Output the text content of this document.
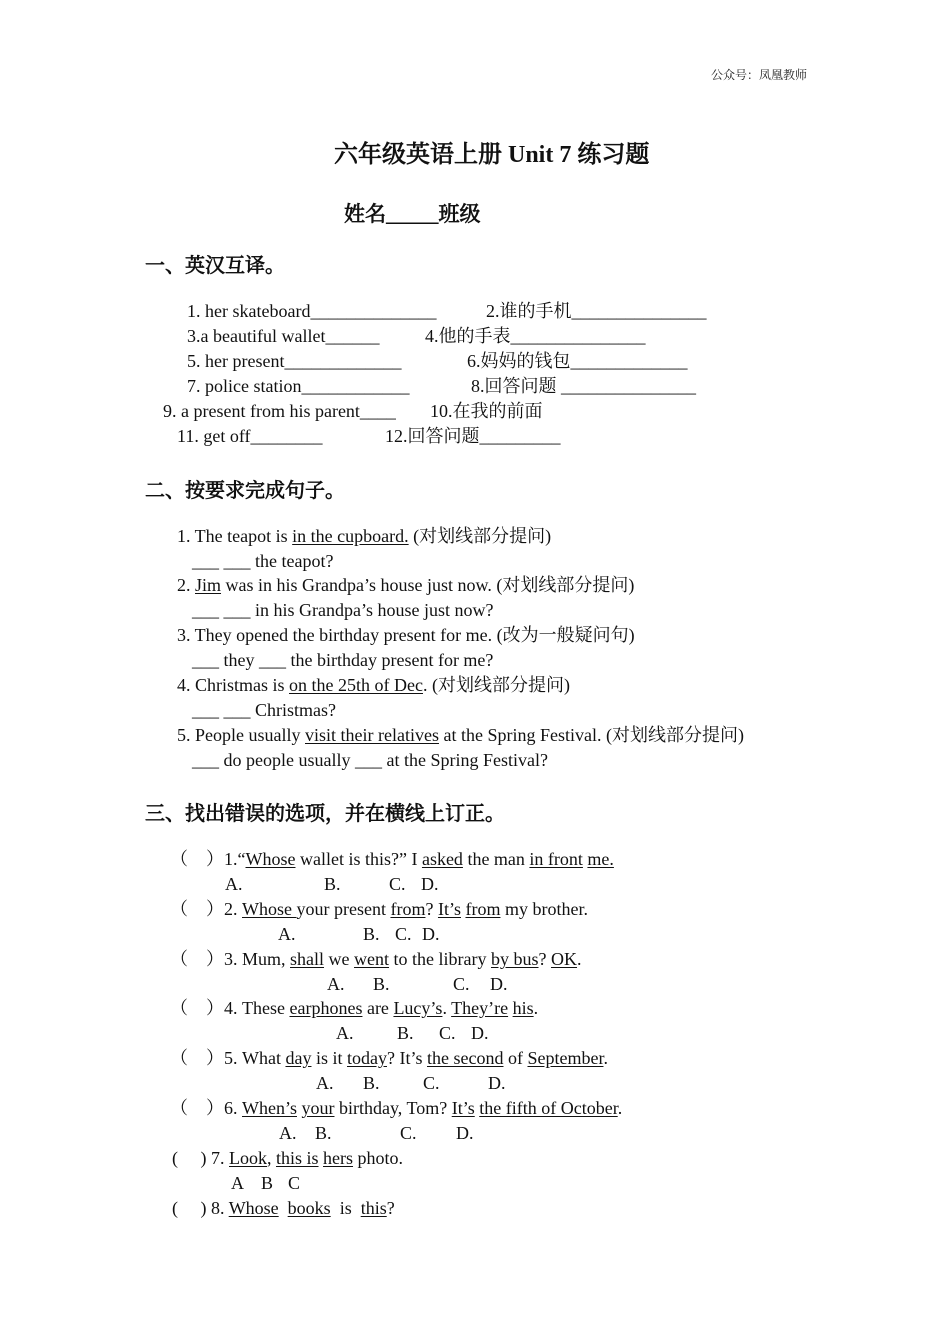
公众号：凤凰教师
六年级英语上册 Unit 7 练习题
姓名_____班级
一、英汉互译。
1. her skateboard______________	2.谁的手机_______________
3.a beautiful wallet______	4.他的手表_______________
5. her present_____________	6.妈妈的钱包_____________
7. police station____________	8.回答问题 _______________
9. a present from his parent____ 10.在我的前面
11. get off________	12.回答问题_________
二、按要求完成句子。
1. The teapot is in the cupboard. (对划线部分提问)
___ ___ the teapot?
2. Jim was in his Grandpa’s house just now. (对划线部分提问)
___ ___ in his Grandpa’s house just now?
3. They opened the birthday present for me. (改为一般疑问句)
___ they ___ the birthday present for me?
4. Christmas is on the 25th of Dec. (对划线部分提问)
___ ___ Christmas?
5. People usually visit their relatives at the Spring Festival. (对划线部分提问)
___ do people usually ___ at the Spring Festival?
三、找出错误的选项，并在横线上订正。
（　）1.“Whose wallet is this?” I asked the man in front me.
A.	B.	C. D.
（　）2. Whose your present from? It’s from my brother.
A.	B. C. D.
（　）3. Mum, shall we went to the library by bus? OK.
A. B.	C. D.
（　）4. These earphones are Lucy’s. They’re his.
A. B. C. D.
（　）5. What day is it today? It’s the second of September.
A. B. C.	D.
（　）6. When’s your birthday, Tom? It’s the fifth of October.
A. B.	C. D.
(　 ) 7. Look, this is hers photo.
A B C
(　 ) 8. Whose books  is  this?
